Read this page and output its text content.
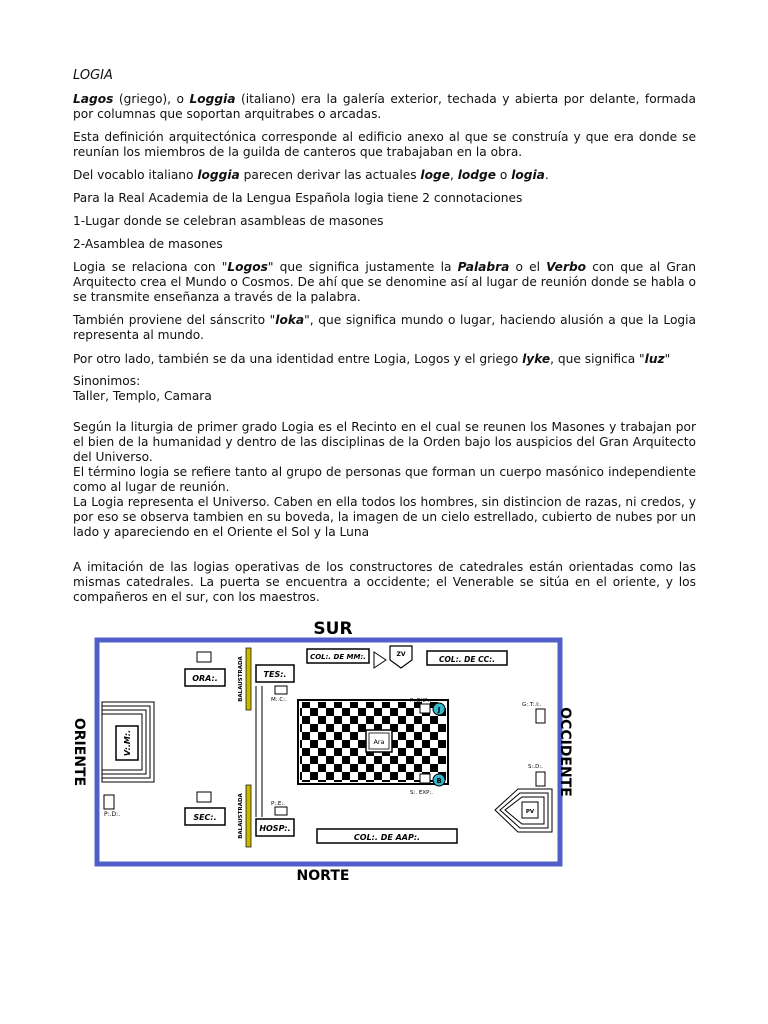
LOGIA

Lagos (griego), o Loggia (italiano) era la galería exterior, techada y abierta por delante, formada por columnas que soportan arquitrabes o arcadas.

Esta definición arquitectónica corresponde al edificio anexo al que se construía y que era donde se reunían los miembros de la guilda de canteros que trabajaban en la obra.

Del vocablo italiano loggia parecen derivar las actuales loge, lodge o logia.

Para la Real Academia de la Lengua Española logia tiene 2 connotaciones

1-Lugar donde se celebran asambleas de masones

2-Asamblea de masones

Logia se relaciona con "Logos" que significa justamente la Palabra o el Verbo con que al Gran Arquitecto crea el Mundo o Cosmos. De ahí que se denomine así al lugar de reunión donde se habla o se transmite enseñanza a través de la palabra.

También proviene del sánscrito "loka", que significa mundo o lugar, haciendo alusión a que la Logia representa al mundo.

Por otro lado, también se da una identidad entre Logia, Logos y el griego lyke, que significa "luz"

Sinonimos:
Taller, Templo, Camara

Según la liturgia de primer grado Logia es el Recinto en el cual se reunen los Masones y trabajan por el bien de la humanidad y dentro de las disciplinas de la Orden bajo los auspicios del Gran Arquitecto del Universo.
El término logia se refiere tanto al grupo de personas que forman un cuerpo masónico independiente como al lugar de reunión.
La Logia representa el Universo. Caben en ella todos los hombres, sin distincion de razas, ni credos, y por eso se observa tambien en su boveda, la imagen de un cielo estrellado, cubierto de nubes por un lado y apareciendo en el Oriente el Sol y la Luna

A imitación de las logias operativas de los constructores de catedrales están orientadas como las mismas catedrales. La puerta se encuentra a occidente; el Venerable se sitúa en el oriente, y los compañeros en el sur, con los maestros.

SUR
NORTE
ORIENTE	OCCIDENTE
V:.M:.
P:.D:.
ORA:.
SEC:.
TES:.
HOSP:.
BALAUSTRADA
BALAUSTRADA
M:.C:.
P:.E:.
COL:. DE MM:.	COL:. DE CC:.
COL:. DE AAP:.
ZV
Ara
P:.EXP:.
J
S:. EXP:.
B
G:.T:.I:.
S:.D:.
PV
